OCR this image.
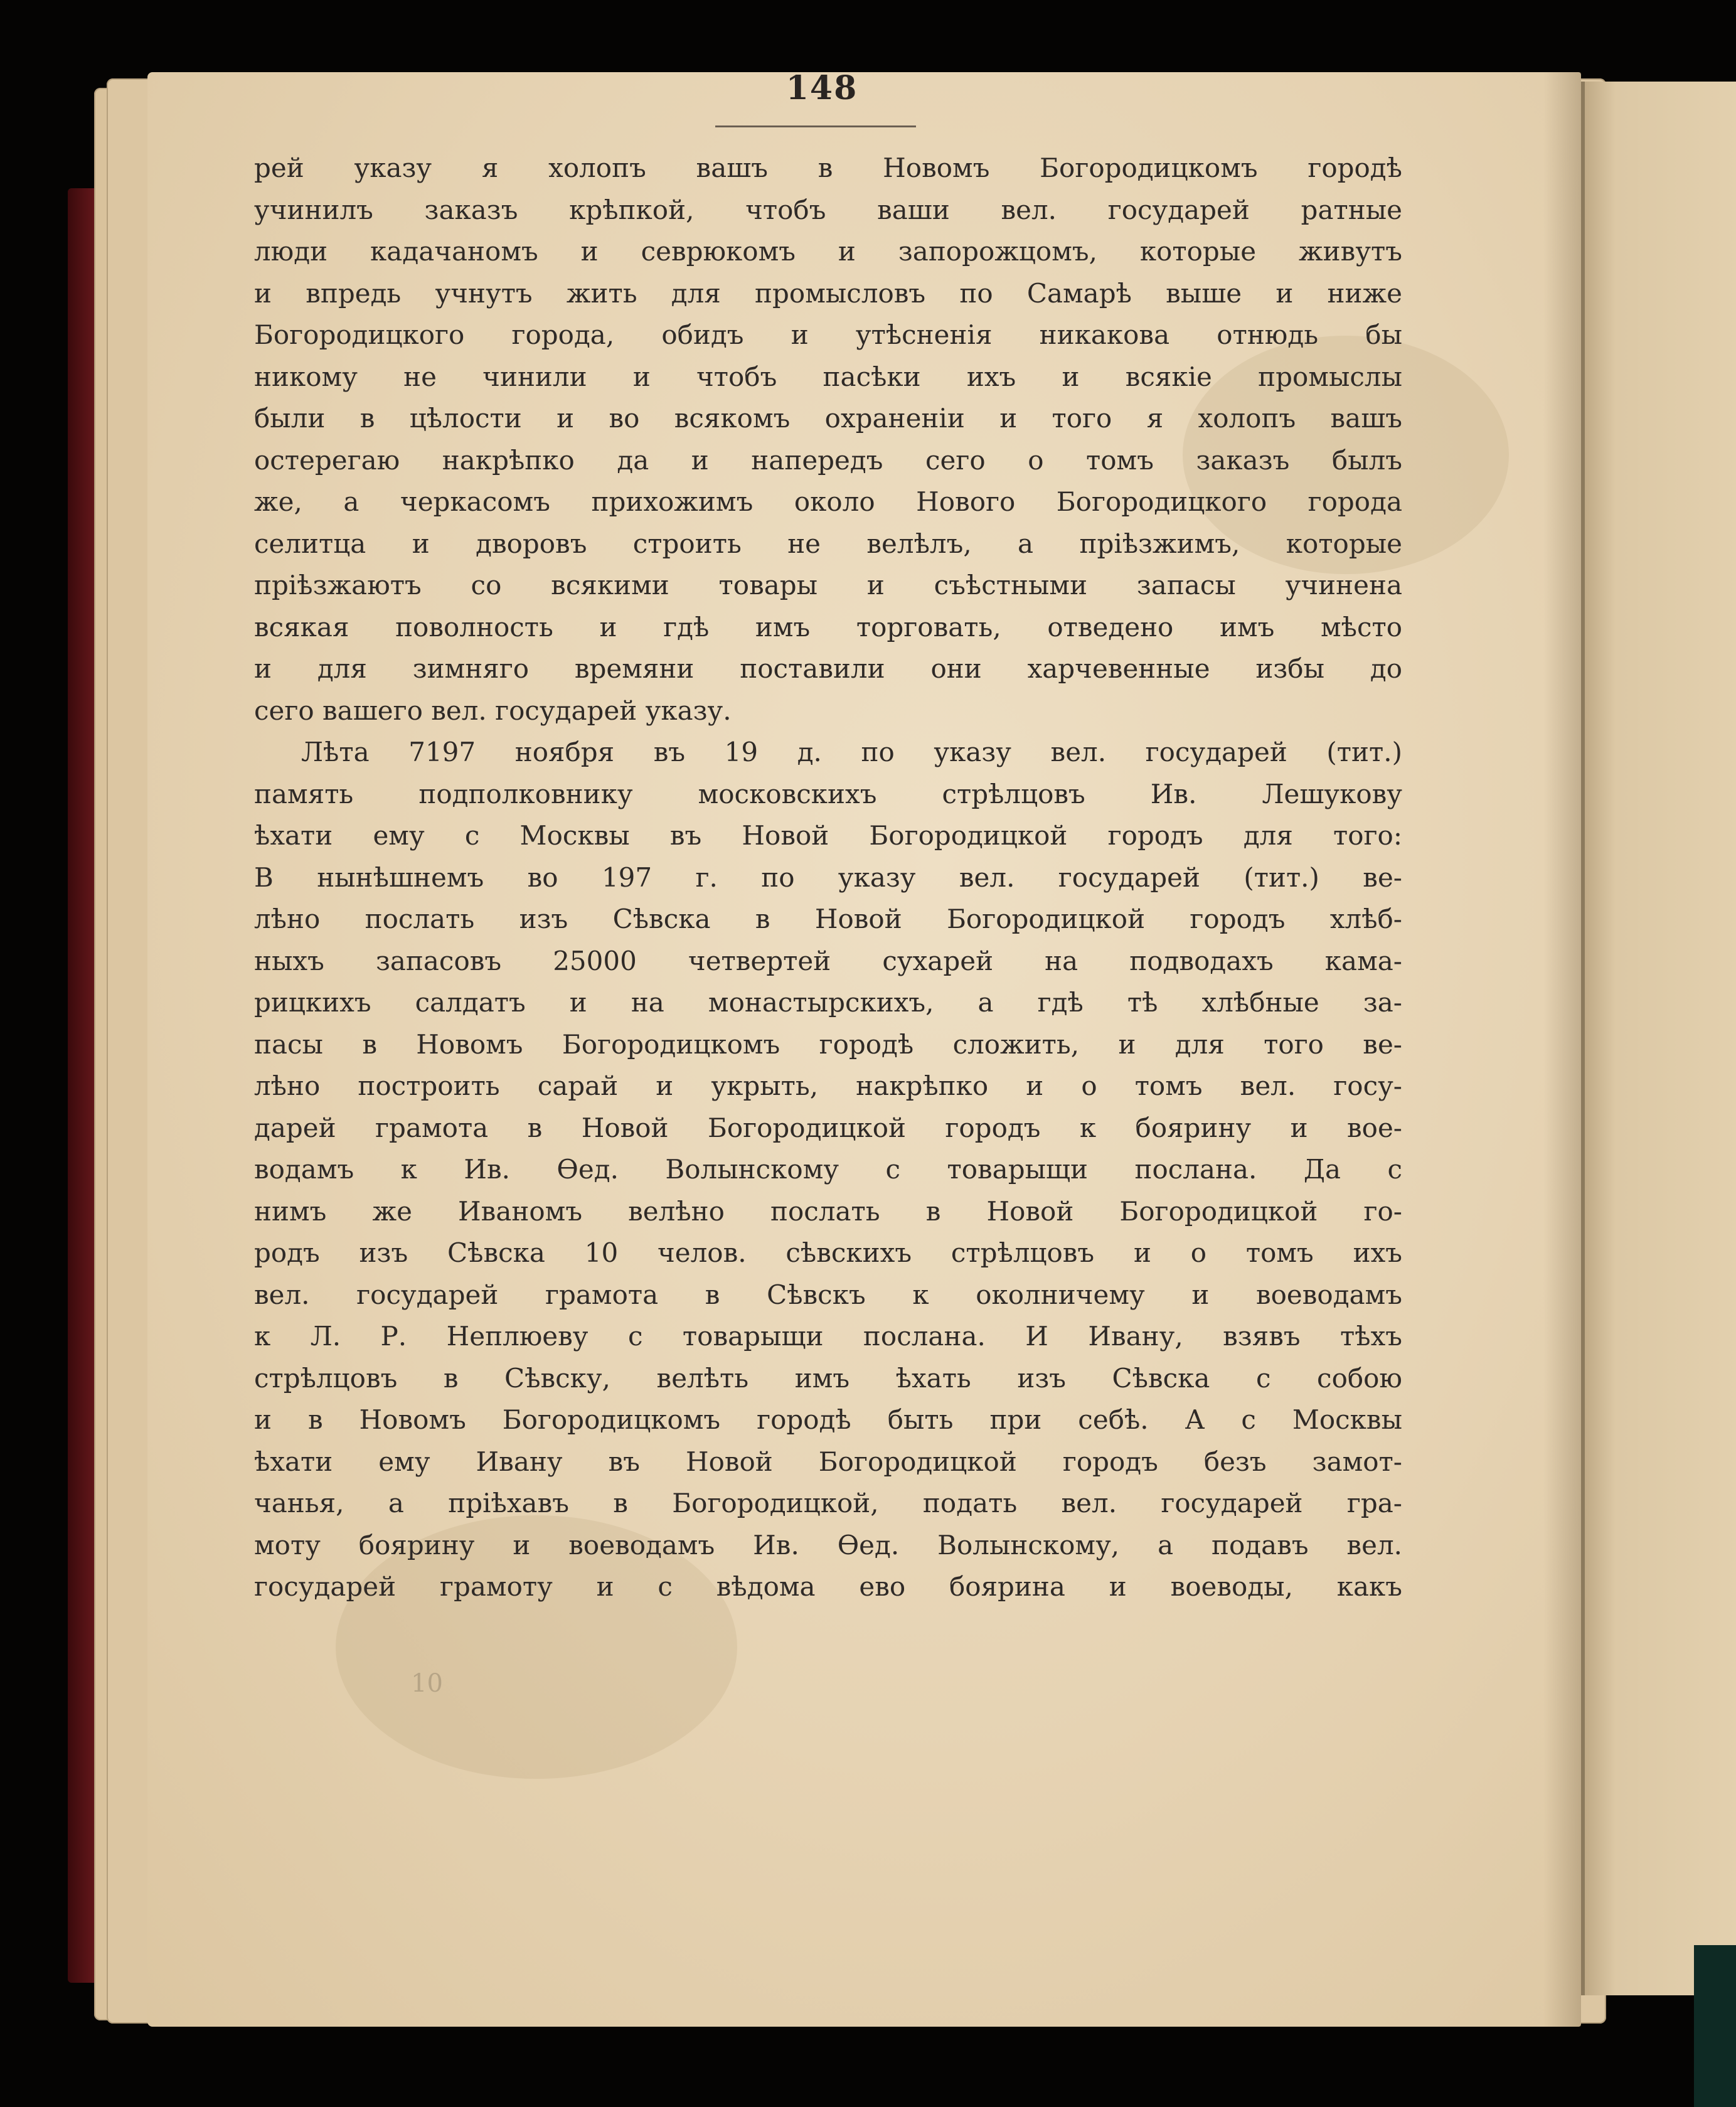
148
рей указу я холопъ вашъ в Новомъ Богородицкомъ городѣ
учинилъ заказъ крѣпкой, чтобъ ваши вел. государей ратные
люди кадачаномъ и севрюкомъ и запорожцомъ, которые живутъ
и впредь учнутъ жить для промысловъ по Самарѣ выше и ниже
Богородицкого города, обидъ и утѣсненія никакова отнюдь бы
никому не чинили и чтобъ пасѣки ихъ и всякіе промыслы
были в цѣлости и во всякомъ охраненіи и того я холопъ вашъ
остерегаю накрѣпко да и напередъ сего о томъ заказъ былъ
же, а черкасомъ прихожимъ около Нового Богородицкого города
селитца и дворовъ строить не велѣлъ, а пріѣзжимъ, которые
пріѣзжаютъ со всякими товары и съѣстными запасы учинена
всякая поволность и гдѣ имъ торговать, отведено имъ мѣсто
и для зимняго времяни поставили они харчевенные избы до
сего вашего вел. государей указу.
Лѣта 7197 ноября въ 19 д. по указу вел. государей (тит.)
память подполковнику московскихъ стрѣлцовъ Ив. Лешукову
ѣхати ему с Москвы въ Новой Богородицкой городъ для того:
В нынѣшнемъ во 197 г. по указу вел. государей (тит.) ве-
лѣно послать изъ Сѣвска в Новой Богородицкой городъ хлѣб-
ныхъ запасовъ 25000 четвертей сухарей на подводахъ кама-
рицкихъ салдатъ и на монастырскихъ, а гдѣ тѣ хлѣбные за-
пасы в Новомъ Богородицкомъ городѣ сложить, и для того ве-
лѣно построить сарай и укрыть, накрѣпко и о томъ вел. госу-
дарей грамота в Новой Богородицкой городъ к боярину и вое-
водамъ к Ив. Ѳед. Волынскому с товарыщи послана. Да с
нимъ же Иваномъ велѣно послать в Новой Богородицкой го-
родъ изъ Сѣвска 10 челов. сѣвскихъ стрѣлцовъ и о томъ ихъ
вел. государей грамота в Сѣвскъ к околничему и воеводамъ
к Л. Р. Неплюеву с товарыщи послана. И Ивану, взявъ тѣхъ
стрѣлцовъ в Сѣвску, велѣть имъ ѣхать изъ Сѣвска с собою
и в Новомъ Богородицкомъ городѣ быть при себѣ. А с Москвы
ѣхати ему Ивану въ Новой Богородицкой городъ безъ замот-
чанья, а пріѣхавъ в Богородицкой, подать вел. государей гра-
моту боярину и воеводамъ Ив. Ѳед. Волынскому, а подавъ вел.
государей грамоту и с вѣдома ево боярина и воеводы, какъ
10
